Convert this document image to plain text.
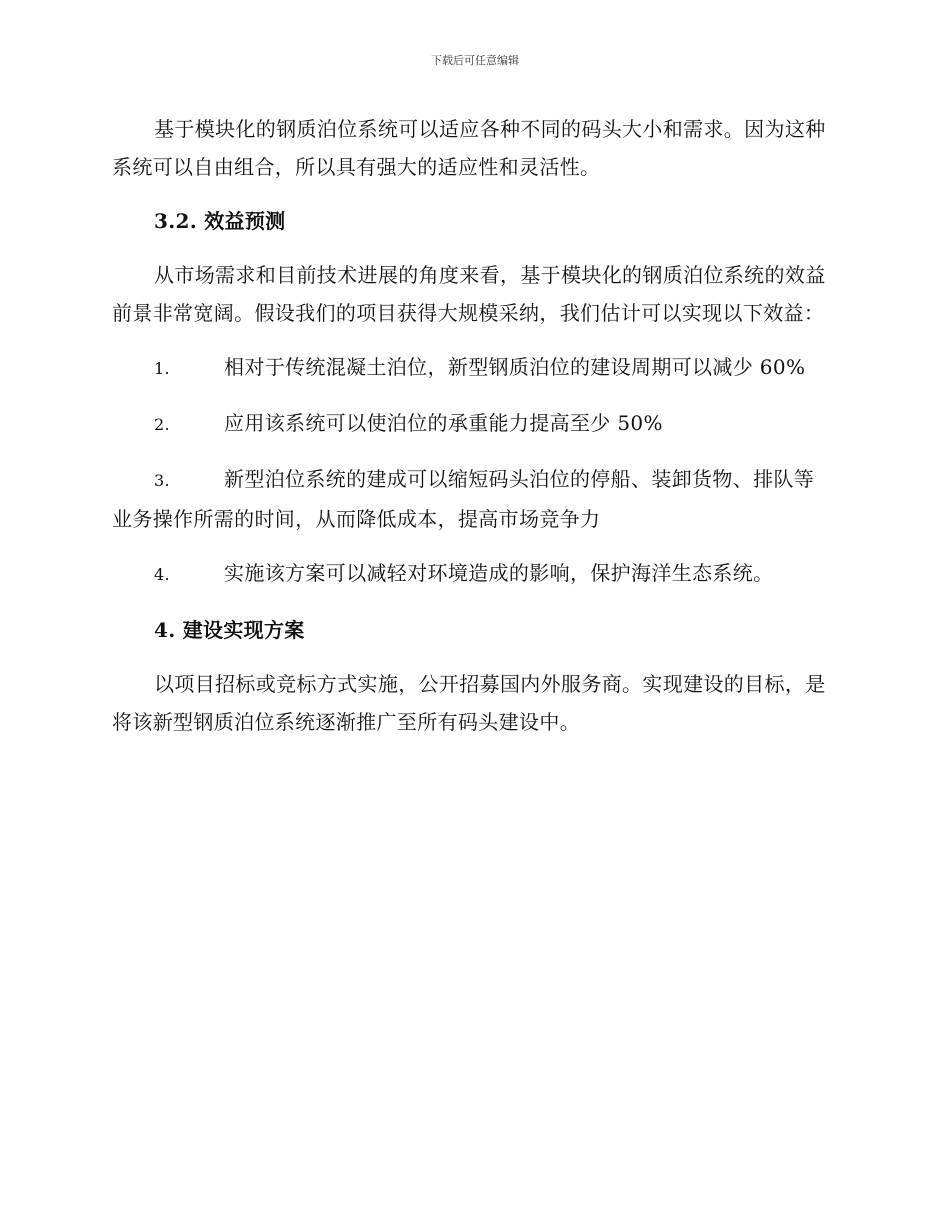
下载后可任意编辑

基于模块化的钢质泊位系统可以适应各种不同的码头大小和需求。因为这种系统可以自由组合，所以具有强大的适应性和灵活性。

3.2. 效益预测

从市场需求和目前技术进展的角度来看，基于模块化的钢质泊位系统的效益前景非常宽阔。假设我们的项目获得大规模采纳，我们估计可以实现以下效益：

1.	相对于传统混凝土泊位，新型钢质泊位的建设周期可以减少 60%

2.	应用该系统可以使泊位的承重能力提高至少 50%

3.	新型泊位系统的建成可以缩短码头泊位的停船、装卸货物、排队等业务操作所需的时间，从而降低成本，提高市场竞争力

4.	实施该方案可以减轻对环境造成的影响，保护海洋生态系统。

4. 建设实现方案

以项目招标或竞标方式实施，公开招募国内外服务商。实现建设的目标，是将该新型钢质泊位系统逐渐推广至所有码头建设中。
